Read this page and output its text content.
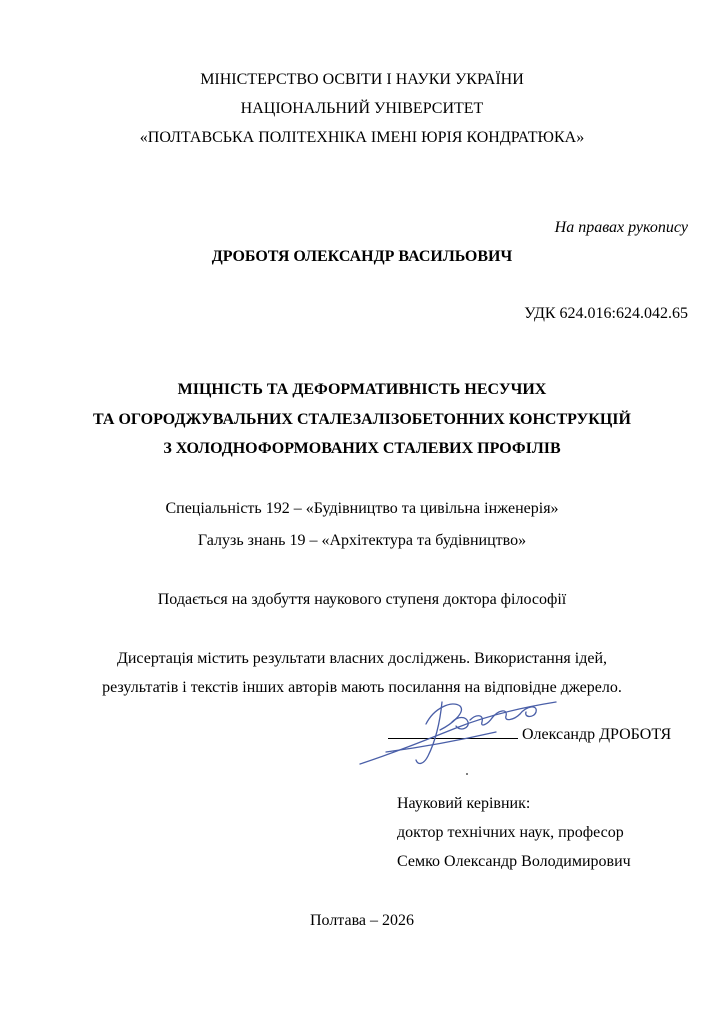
МІНІСТЕРСТВО ОСВІТИ І НАУКИ УКРАЇНИ
НАЦІОНАЛЬНИЙ УНІВЕРСИТЕТ
«ПОЛТАВСЬКА ПОЛІТЕХНІКА ІМЕНІ ЮРІЯ КОНДРАТЮКА»
На правах рукопису
ДРОБОТЯ ОЛЕКСАНДР ВАСИЛЬОВИЧ
УДК 624.016:624.042.65
МІЦНІСТЬ ТА ДЕФОРМАТИВНІСТЬ НЕСУЧИХ
ТА ОГОРОДЖУВАЛЬНИХ СТАЛЕЗАЛІЗОБЕТОННИХ КОНСТРУКЦІЙ
З ХОЛОДНОФОРМОВАНИХ СТАЛЕВИХ ПРОФІЛІВ
Спеціальність 192 – «Будівництво та цивільна інженерія»
Галузь знань 19 – «Архітектура та будівництво»
Подається на здобуття наукового ступеня доктора філософії
Дисертація містить результати власних досліджень. Використання ідей,
результатів і текстів інших авторів мають посилання на відповідне джерело.
Олександр ДРОБОТЯ
Науковий керівник:
доктор технічних наук, професор
Семко Олександр Володимирович
Полтава – 2026
